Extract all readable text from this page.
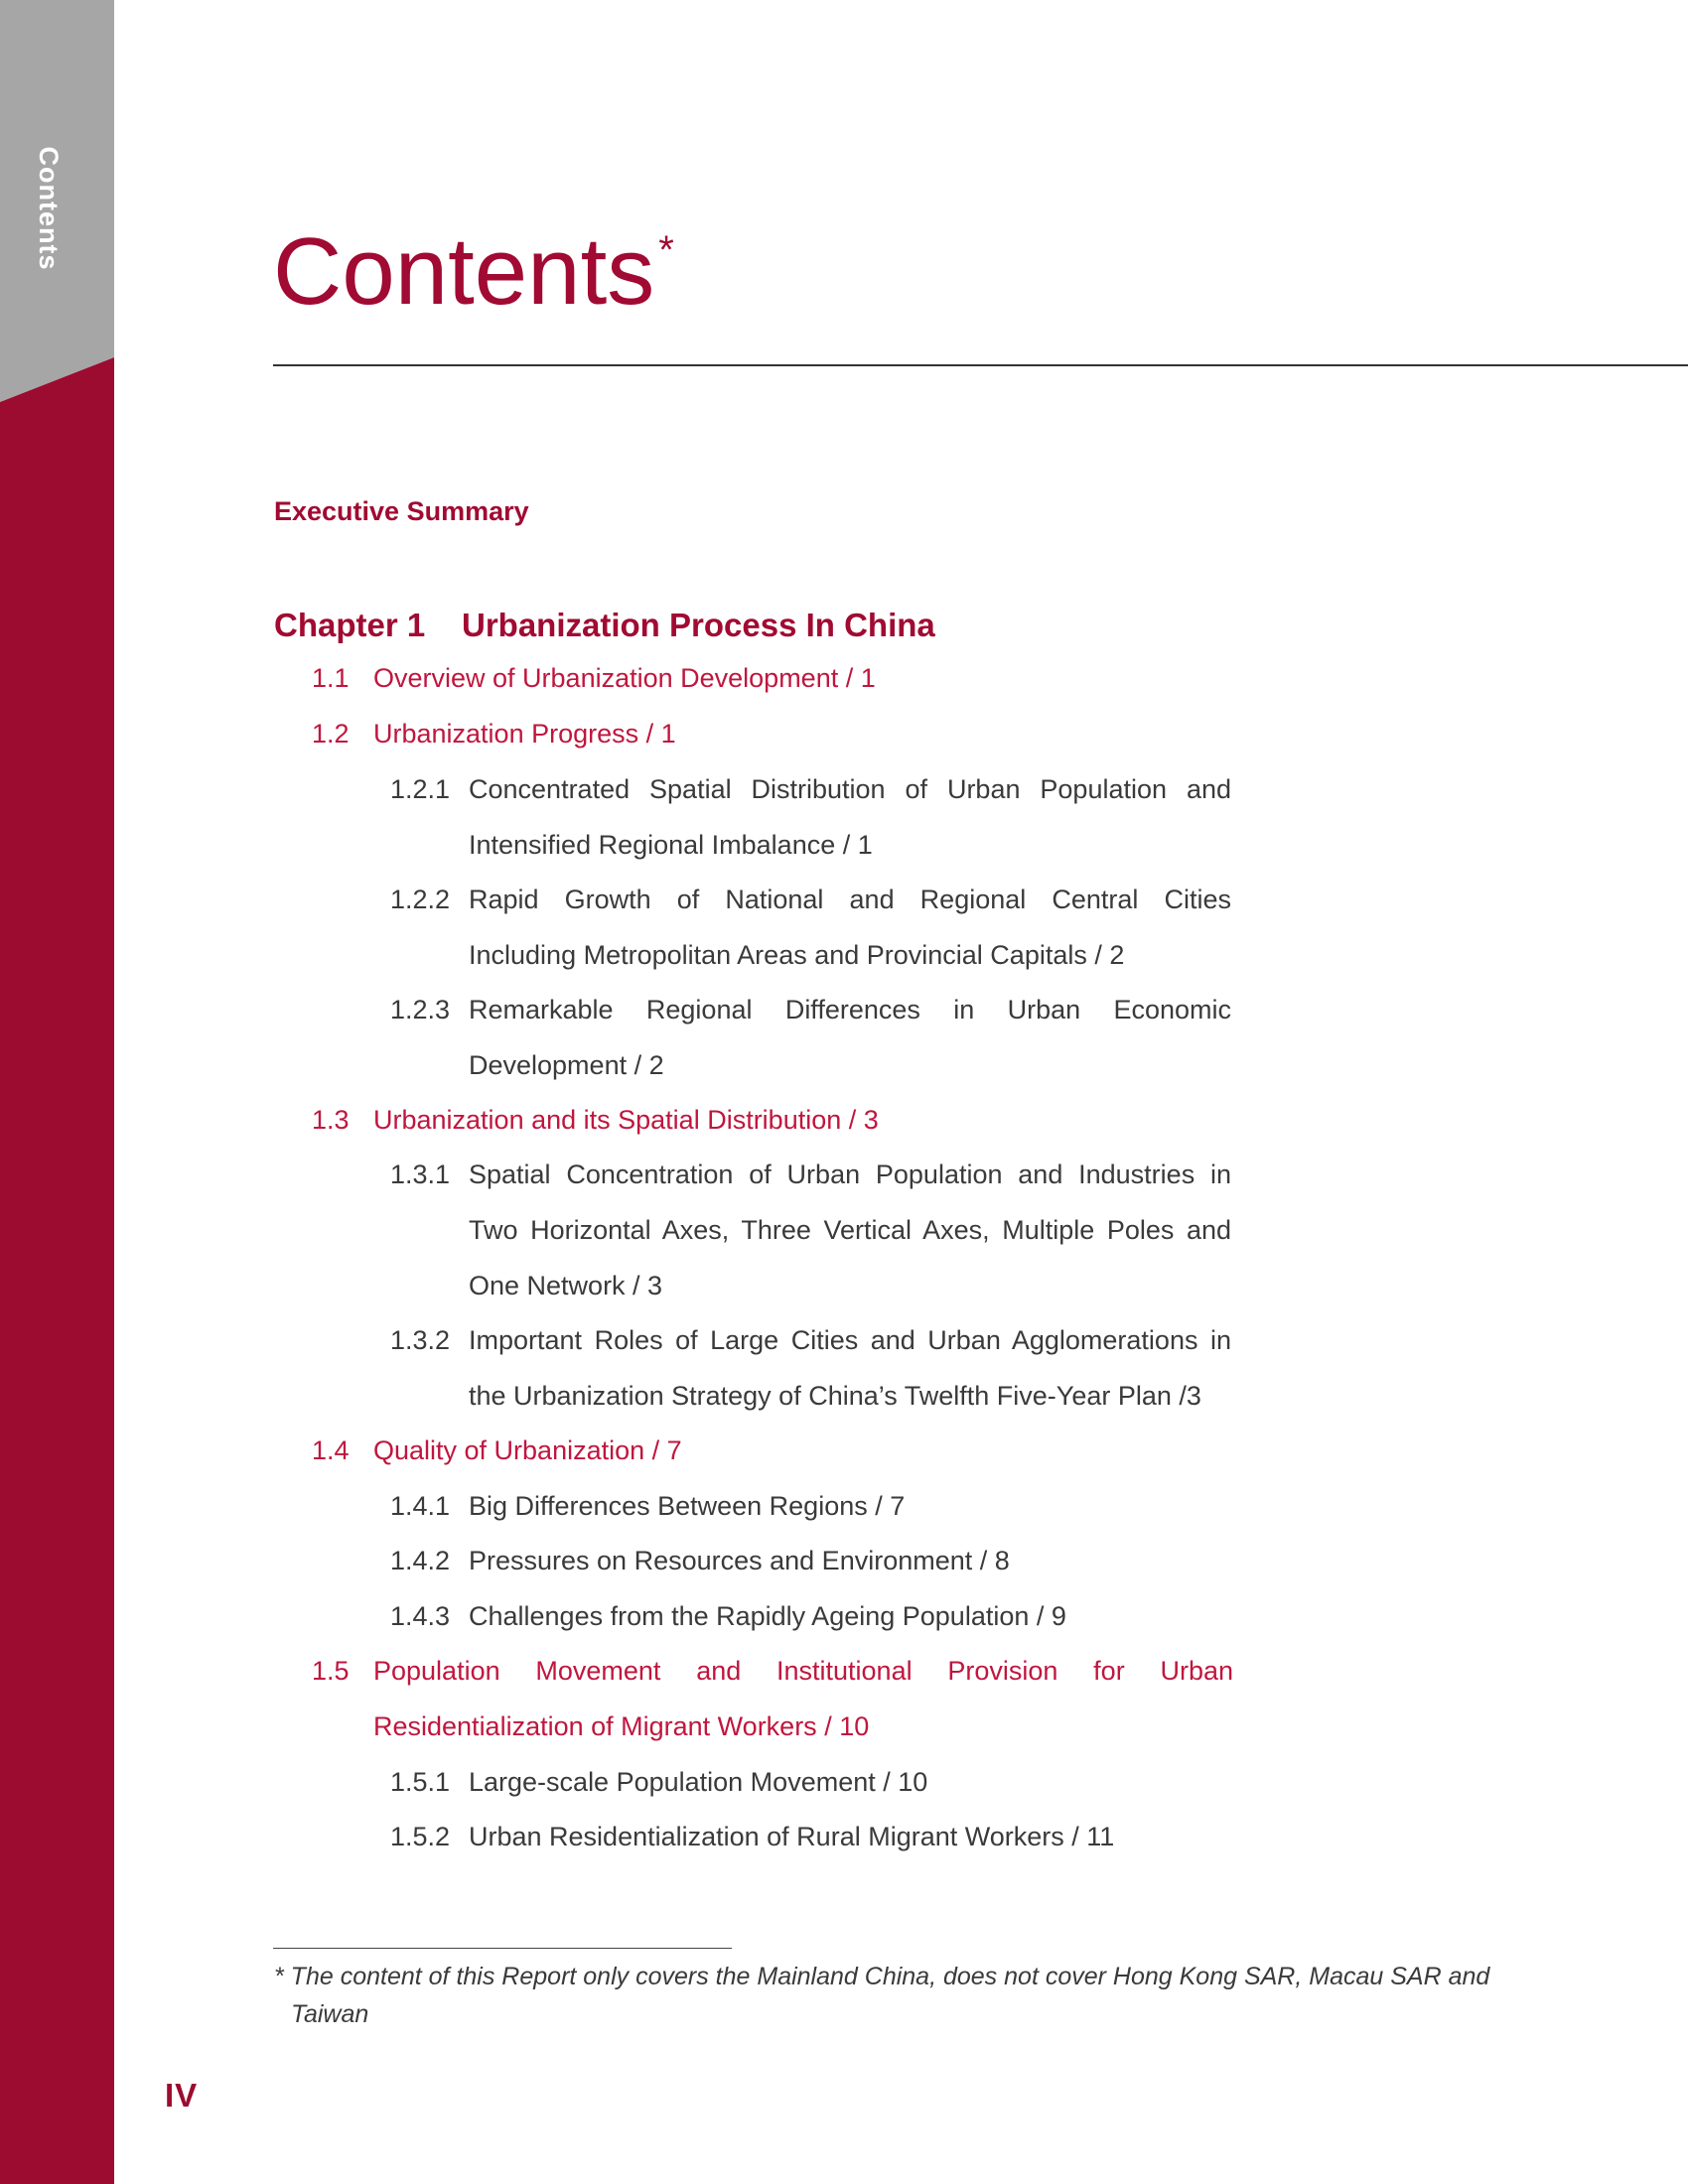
Contents
IV
Contents *
Executive Summary
Chapter 1 Urbanization Process In China
1.1 Overview of Urbanization Development / 1
1.2 Urbanization Progress / 1
1.2.1 Concentrated Spatial Distribution of Urban Population and
Intensified Regional Imbalance / 1
1.2.2 Rapid Growth of National and Regional Central Cities
Including Metropolitan Areas and Provincial Capitals / 2
1.2.3 Remarkable Regional Differences in Urban Economic
Development / 2
1.3 Urbanization and its Spatial Distribution / 3
1.3.1 Spatial Concentration of Urban Population and Industries in
Two Horizontal Axes, Three Vertical Axes, Multiple Poles and
One Network / 3
1.3.2 Important Roles of Large Cities and Urban Agglomerations in
the Urbanization Strategy of China’s Twelfth Five-Year Plan /3
1.4 Quality of Urbanization / 7
1.4.1 Big Differences Between Regions / 7
1.4.2 Pressures on Resources and Environment / 8
1.4.3 Challenges from the Rapidly Ageing Population / 9
1.5 Population Movement and Institutional Provision for Urban
Residentialization of Migrant Workers / 10
1.5.1 Large-scale Population Movement / 10
1.5.2 Urban Residentialization of Rural Migrant Workers / 11
* The content of this Report only covers the Mainland China, does not cover Hong Kong SAR, Macau SAR and
Taiwan
